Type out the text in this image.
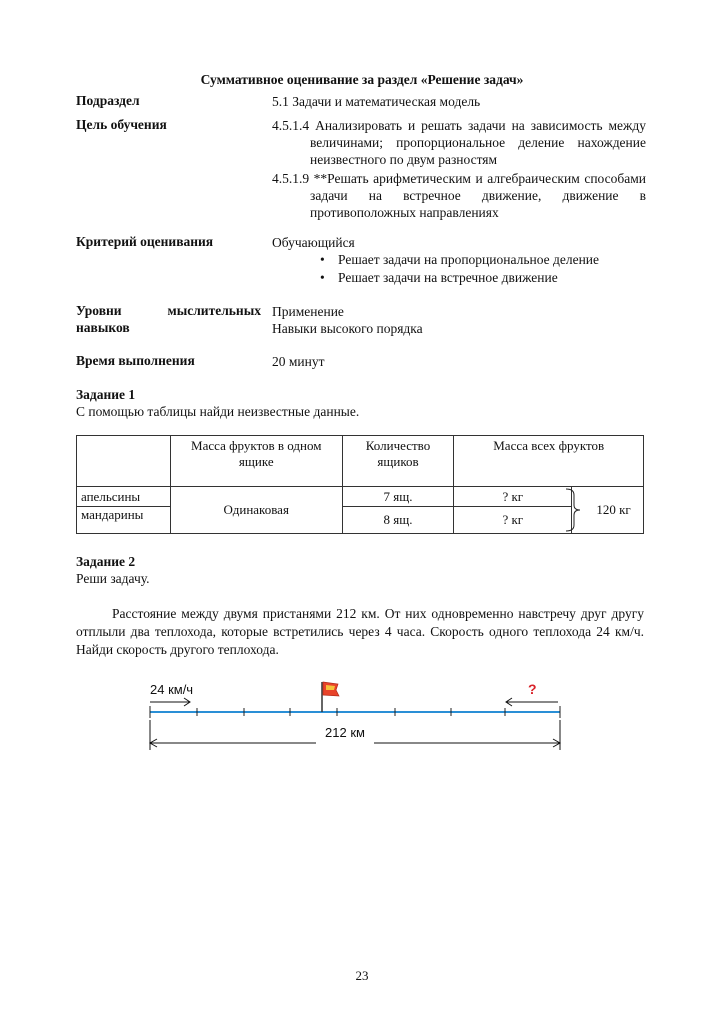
Суммативное оценивание за раздел «Решение задач»
Подраздел	5.1 Задачи и математическая модель
Цель обучения	4.5.1.4 Анализировать и решать задачи на зависимость между величинами; пропорциональное деление нахождение неизвестного по двум разностям
4.5.1.9 **Решать арифметическим и алгебраическим способами задачи на встречное движение, движение в противоположных направлениях
Критерий оценивания	Обучающийся
• Решает задачи на пропорциональное деление
• Решает задачи на встречное движение
Уровни	мыслительных
навыков
Применение
Навыки высокого порядка
Время выполнения	20 минут
Задание 1
С помощью таблицы найди неизвестные данные.
	Масса фруктов в одном ящике	Количество ящиков	Масса всех фруктов	
апельсины	Одинаковая	7 ящ.	? кг	120 кг
мандарины		8 ящ.	? кг	
Задание 2
Реши задачу.
Расстояние между двумя пристанями 212 км. От них одновременно навстречу друг другу отплыли два теплохода, которые встретились через 4 часа. Скорость одного теплохода 24 км/ч. Найди скорость другого теплохода.
24 км/ч	?
212 км
23
